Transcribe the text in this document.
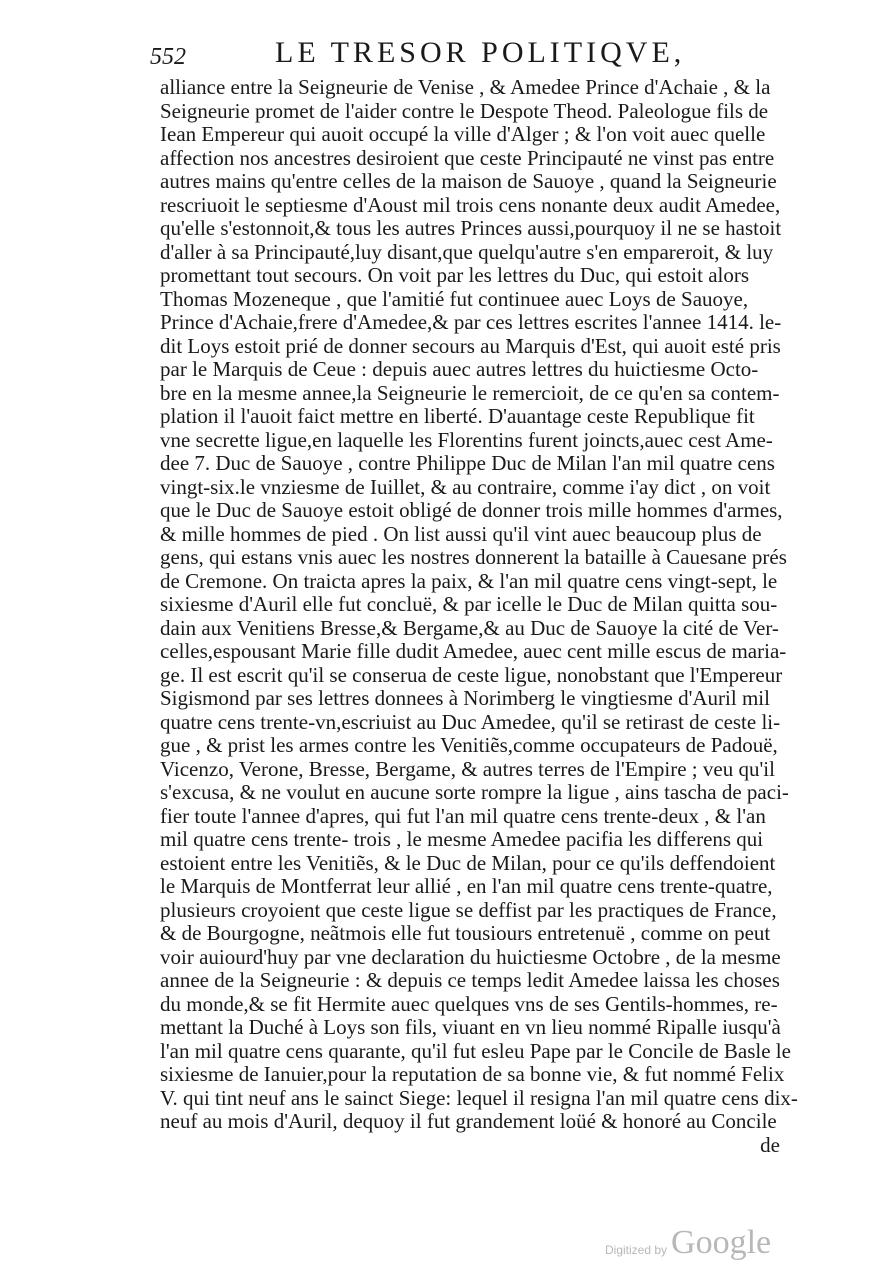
552	LE TRESOR POLITIQVE,
alliance entre la Seigneurie de Venise , & Amedee Prince d'Achaie , & la
Seigneurie promet de l'aider contre le Despote Theod. Paleologue fils de
Iean Empereur qui auoit occupé la ville d'Alger ; & l'on voit auec quelle
affection nos ancestres desiroient que ceste Principauté ne vinst pas entre
autres mains qu'entre celles de la maison de Sauoye , quand la Seigneurie
rescriuoit le septiesme d'Aoust mil trois cens nonante deux audit Amedee,
qu'elle s'estonnoit,& tous les autres Princes aussi,pourquoy il ne se hastoit
d'aller à sa Principauté,luy disant,que quelqu'autre s'en empareroit, & luy
promettant tout secours. On voit par les lettres du Duc, qui estoit alors
Thomas Mozeneque , que l'amitié fut continuee auec Loys de Sauoye,
Prince d'Achaie,frere d'Amedee,& par ces lettres escrites l'annee 1414. le-
dit Loys estoit prié de donner secours au Marquis d'Est, qui auoit esté pris
par le Marquis de Ceue : depuis auec autres lettres du huictiesme Octo-
bre en la mesme annee,la Seigneurie le remercioit, de ce qu'en sa contem-
plation il l'auoit faict mettre en liberté. D'auantage ceste Republique fit
vne secrette ligue,en laquelle les Florentins furent joincts,auec cest Ame-
dee 7. Duc de Sauoye , contre Philippe Duc de Milan l'an mil quatre cens
vingt-six.le vnziesme de Iuillet, & au contraire, comme i'ay dict , on voit
que le Duc de Sauoye estoit obligé de donner trois mille hommes d'armes,
& mille hommes de pied . On list aussi qu'il vint auec beaucoup plus de
gens, qui estans vnis auec les nostres donnerent la bataille à Cauesane prés
de Cremone. On traicta apres la paix, & l'an mil quatre cens vingt-sept, le
sixiesme d'Auril elle fut concluë, & par icelle le Duc de Milan quitta sou-
dain aux Venitiens Bresse,& Bergame,& au Duc de Sauoye la cité de Ver-
celles,espousant Marie fille dudit Amedee, auec cent mille escus de maria-
ge. Il est escrit qu'il se conserua de ceste ligue, nonobstant que l'Empereur
Sigismond par ses lettres donnees à Norimberg le vingtiesme d'Auril mil
quatre cens trente-vn,escriuist au Duc Amedee, qu'il se retirast de ceste li-
gue , & prist les armes contre les Venitiẽs,comme occupateurs de Padouë,
Vicenzo, Verone, Bresse, Bergame, & autres terres de l'Empire ; veu qu'il
s'excusa, & ne voulut en aucune sorte rompre la ligue , ains tascha de paci-
fier toute l'annee d'apres, qui fut l'an mil quatre cens trente-deux , & l'an
mil quatre cens trente- trois , le mesme Amedee pacifia les differens qui
estoient entre les Venitiẽs, & le Duc de Milan, pour ce qu'ils deffendoient
le Marquis de Montferrat leur allié , en l'an mil quatre cens trente-quatre,
plusieurs croyoient que ceste ligue se deffist par les practiques de France,
& de Bourgogne, neãtmois elle fut tousiours entretenuë , comme on peut
voir auiourd'huy par vne declaration du huictiesme Octobre , de la mesme
annee de la Seigneurie : & depuis ce temps ledit Amedee laissa les choses
du monde,& se fit Hermite auec quelques vns de ses Gentils-hommes, re-
mettant la Duché à Loys son fils, viuant en vn lieu nommé Ripalle iusqu'à
l'an mil quatre cens quarante, qu'il fut esleu Pape par le Concile de Basle le
sixiesme de Ianuier,pour la reputation de sa bonne vie, & fut nommé Felix
V. qui tint neuf ans le sainct Siege: lequel il resigna l'an mil quatre cens dix-
neuf au mois d'Auril, dequoy il fut grandement loüé & honoré au Concile
de
Digitized by Google
